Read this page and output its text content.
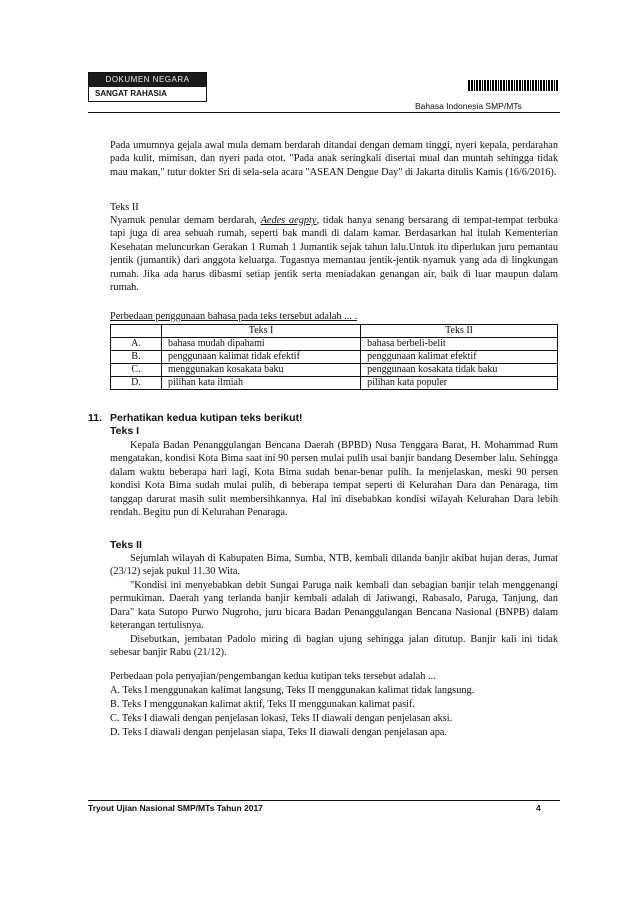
DOKUMEN NEGARA
SANGAT RAHASIA
Bahasa Indonesia SMP/MTs
Pada umumnya gejala awal mula demam berdarah ditandai dengan demam tinggi, nyeri kepala, perdarahan pada kulit, mimisan, dan nyeri pada otot. "Pada anak seringkali disertai mual dan muntah sehingga tidak mau makan," tutur dokter Sri di sela-sela acara "ASEAN Dengue Day" di Jakarta ditulis Kamis (16/6/2016).
Teks II
Nyamuk penular demam berdarah, Aedes aegpty, tidak hanya senang bersarang di tempat-tempat terbuka tapi juga di area sebuah rumah, seperti bak mandi di dalam kamar. Berdasarkan hal itulah Kementerian Kesehatan meluncurkan Gerakan 1 Rumah 1 Jumantik sejak tahun lalu.Untuk itu diperlukan juru pemantau jentik (jumantik) dari anggota keluarga. Tugasnya memantau jentik-jentik nyamuk yang ada di lingkungan rumah. Jika ada harus dibasmi setiap jentik serta meniadakan genangan air, baik di luar maupun dalam rumah.
Perbedaan penggunaan bahasa pada teks tersebut adalah ... .
	Teks I	Teks II
A.	bahasa mudah dipahami	bahasa berbeli-belit
B.	penggunaan kalimat tidak efektif	penggunaan kalimat efektif
C.	menggunakan kosakata baku	penggunaan kosakata tidak baku
D.	pilihan kata ilmiah	pilihan kata populer
11. Perhatikan kedua kutipan teks berikut!
Teks I
Kepala Badan Penanggulangan Bencana Daerah (BPBD) Nusa Tenggara Barat, H. Mohammad Rum mengatakan, kondisi Kota Bima saat ini 90 persen mulai pulih usai banjir bandang Desember lalu. Sehingga dalam waktu beberapa hari lagi, Kota Bima sudah benar-benar pulih. Ia menjelaskan, meski 90 persen kondisi Kota Bima sudah mulai pulih, di beberapa tempat seperti di Kelurahan Dara dan Penaraga, tim tanggap darurat masih sulit membersihkannya. Hal ini disebabkan kondisi wilayah Kelurahan Dara lebih rendah. Begitu pun di Kelurahan Penaraga.
Teks II
Sejumlah wilayah di Kabupaten Bima, Sumba, NTB, kembali dilanda banjir akibat hujan deras, Jumat (23/12) sejak pukul 11.30 Wita.
"Kondisi ini menyebabkan debit Sungai Paruga naik kembali dan sebagian banjir telah menggenangi permukiman. Daerah yang terlanda banjir kembali adalah di Jatiwangi, Rabasalo, Paruga, Tanjung, dan Dara" kata Sutopo Purwo Nugroho, juru bicara Badan Penanggulangan Bencana Nasional (BNPB) dalam keterangan tertulisnya.
Disebutkan, jembatan Padolo miring di bagian ujung sehingga jalan ditutup. Banjir kali ini tidak sebesar banjir Rabu (21/12).
Perbedaan pola penyajian/pengembangan kedua kutipan teks tersebut adalah ...
A. Teks I menggunakan kalimat langsung, Teks II menggunakan kalimat tidak langsung.
B. Teks I menggunakan kalimat aktif, Teks II menggunakan kalimat pasif.
C. Teks I diawali dengan penjelasan lokasi, Teks II diawali dengan penjelasan aksi.
D. Teks I diawali dengan penjelasan siapa, Teks II diawali dengan penjelasan apa.
Tryout Ujian Nasional SMP/MTs Tahun 2017	4
